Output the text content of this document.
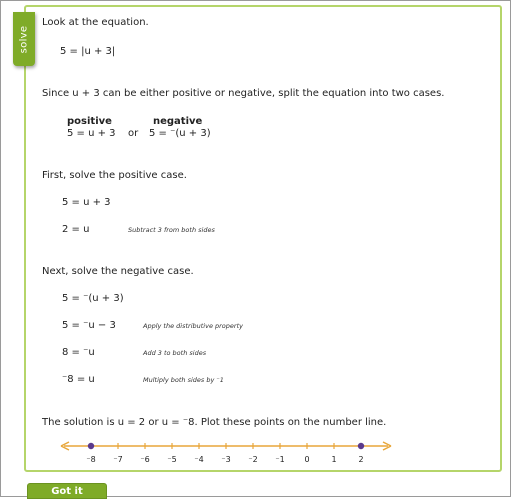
solve
Look at the equation.
5 = |u + 3|
Since u + 3 can be either positive or negative, split the equation into two cases.
positive	negative
5 = u + 3 or 5 = ⁻(u + 3)
First, solve the positive case.
5 = u + 3
2 = u	Subtract 3 from both sides
Next, solve the negative case.
5 = ⁻(u + 3)
5 = ⁻u − 3	Apply the distributive property
8 = ⁻u	Add 3 to both sides
⁻8 = u	Multiply both sides by ⁻1
The solution is u = 2 or u = ⁻8. Plot these points on the number line.
⁻8 ⁻7 ⁻6 ⁻5 ⁻4 ⁻3 ⁻2 ⁻1 0	1	2
Got it
